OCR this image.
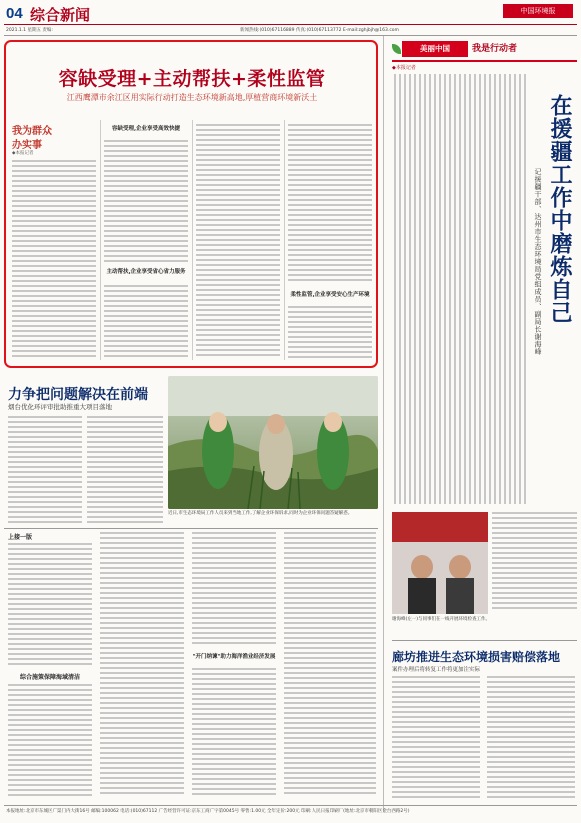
04 综合新闻	中国环境报
2021.1.1 星期五 责编:	新闻热线:(010)67116889 传真:(010)67113772 E-mail:zghjbjh@163.com
容缺受理+主动帮扶+柔性监管
江西鹰潭市余江区用实际行动打造生态环境新高地,厚植营商环境新沃土
我为群众
办实事
◆本报记者
容缺受理,企业享受高效快捷
主动帮扶,企业享受省心省力服务
柔性监管,企业享受安心生产环境
力争把问题解决在前端
烟台优化环评审批助推重大项目落地
近日,市生态环境局工作人员来到当地工作,了解企业环保诉求,同时为企业环保问题答疑解惑。
上接一版
综合施策保障海域清洁
"开门纳谏"助力海洋渔业经济发展
美丽中国	我是行动者
◆本报记者
在援疆工作中磨炼自己
记援疆干部、达州市生态环境局党组成员、副局长谢海峰
谢海峰(左一)与同事们在一线开展环境检查工作。
廊坊推进生态环境损害赔偿落地
案件办理后将转复工作将更加注实际
本报地址:北京市东城区广渠门内大街16号 邮编:100062 电话:(010)67112 广告经营许可证:京东工商广字第0045号 零售:1.00元 全年定价:200元 印刷:人民日报印刷厂(地址:北京市朝阳区金台西路2号)
